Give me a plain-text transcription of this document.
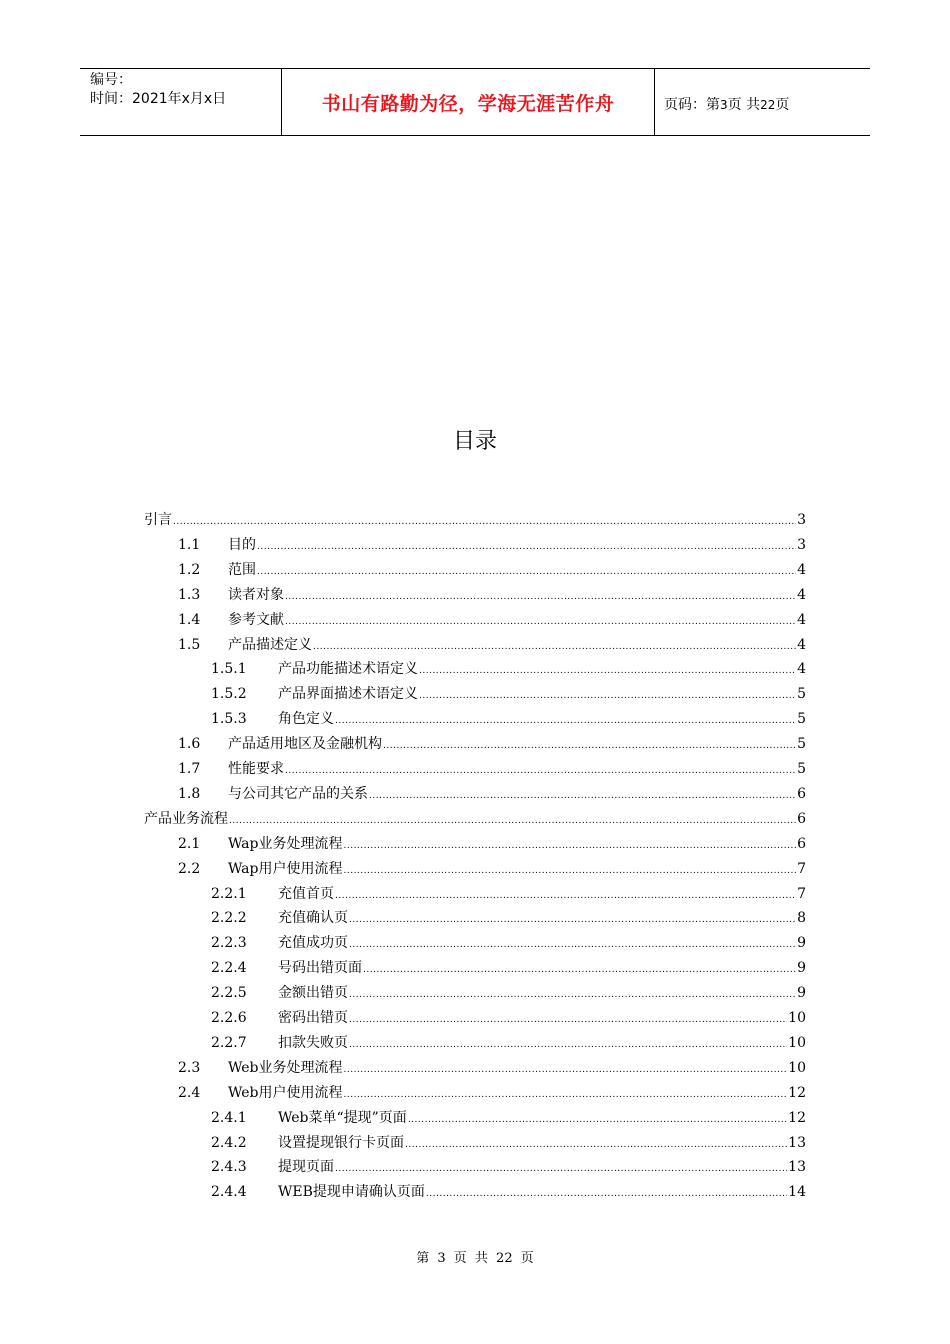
编号：
时间：2021年x月x日	书山有路勤为径，学海无涯苦作舟	页码：第3页 共22页
目录
引言 .....	3
1.1	目的 .....	3
1.2	范围 .....	4
1.3	读者对象 .....	4
1.4	参考文献 .....	4
1.5	产品描述定义 .....	4
1.5.1	产品功能描述术语定义 .....	4
1.5.2	产品界面描述术语定义 .....	5
1.5.3	角色定义 .....	5
1.6	产品适用地区及金融机构 .....	5
1.7	性能要求 .....	5
1.8	与公司其它产品的关系 .....	6
产品业务流程 .....	6
2.1	Wap业务处理流程 .....	6
2.2	Wap用户使用流程 .....	7
2.2.1	充值首页 .....	7
2.2.2	充值确认页 .....	8
2.2.3	充值成功页 .....	9
2.2.4	号码出错页面 .....	9
2.2.5	金额出错页 .....	9
2.2.6	密码出错页 .....	10
2.2.7	扣款失败页 .....	10
2.3	Web业务处理流程 .....	10
2.4	Web用户使用流程 .....	12
2.4.1	Web菜单“提现”页面 .....	12
2.4.2	设置提现银行卡页面 .....	13
2.4.3	提现页面 .....	13
2.4.4	WEB提现申请确认页面 .....	14
第 3 页 共 22 页
